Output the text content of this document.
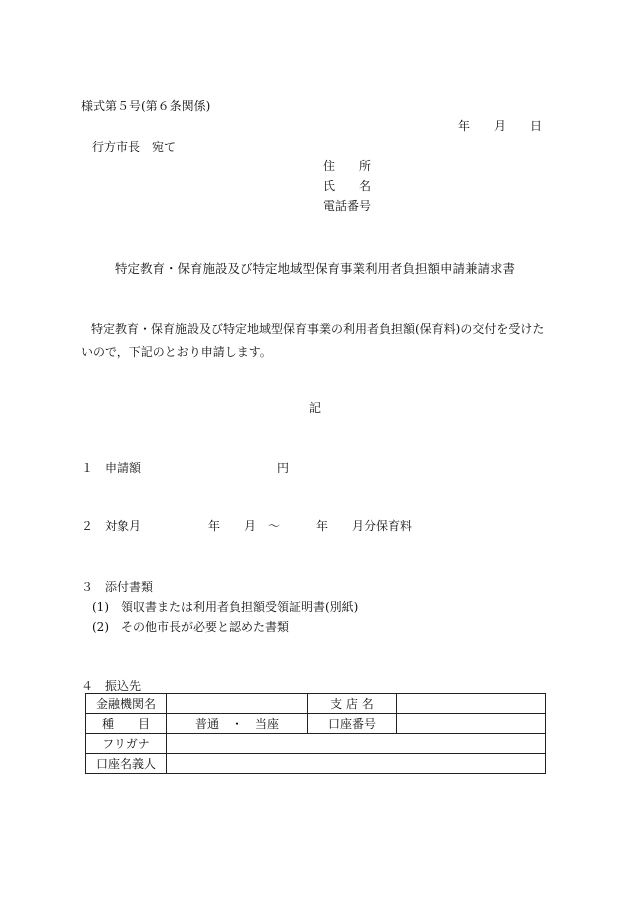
様式第５号(第６条関係)
年 月 日
行方市長　宛て
住　　所
氏　　名
電話番号
特定教育・保育施設及び特定地域型保育事業利用者負担額申請兼請求書
特定教育・保育施設及び特定地域型保育事業の利用者負担額(保育料)の交付を受けたいので，下記のとおり申請します。
記
１　申請額	円
２　対象月	年　　月　～　　　年　　月分保育料
３　添付書類
(1)　領収書または利用者負担額受領証明書(別紙)
(2)　その他市長が必要と認めた書類
４　振込先
金融機関名		支 店 名	
種　　目	普通　・　当座	口座番号	
フリガナ			
口座名義人			
